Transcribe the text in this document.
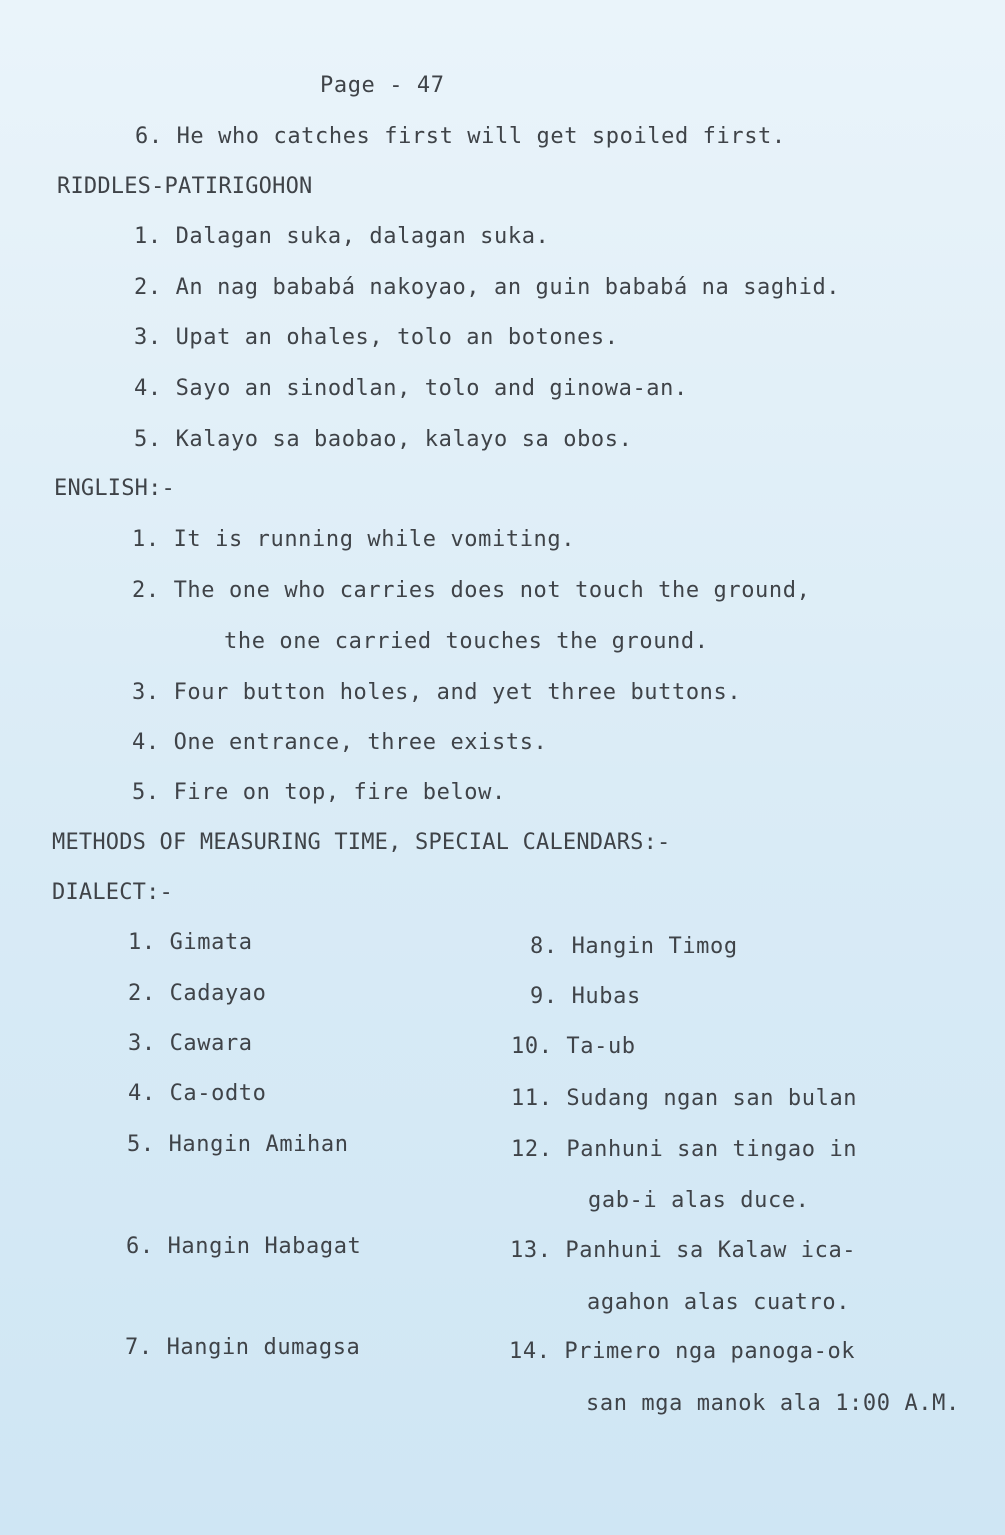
Page - 47
6. He who catches first will get spoiled first.
RIDDLES-PATIRIGOHON
1. Dalagan suka, dalagan suka.
2. An nag bababá nakoyao, an guin bababá na saghid.
3. Upat an ohales, tolo an botones.
4. Sayo an sinodlan, tolo and ginowa-an.
5. Kalayo sa baobao, kalayo sa obos.
ENGLISH:-
1. It is running while vomiting.
2. The one who carries does not touch the ground,
the one carried touches the ground.
3. Four button holes, and yet three buttons.
4. One entrance, three exists.
5. Fire on top, fire below.
METHODS OF MEASURING TIME, SPECIAL CALENDARS:-
DIALECT:-
1. Gimata
2. Cadayao
3. Cawara
4. Ca-odto
5. Hangin Amihan
6. Hangin Habagat
7. Hangin dumagsa
8. Hangin Timog
9. Hubas
10. Ta-ub
11. Sudang ngan san bulan
12. Panhuni san tingao in
gab-i alas duce.
13. Panhuni sa Kalaw ica-
agahon alas cuatro.
14. Primero nga panoga-ok
san mga manok ala 1:00 A.M.
